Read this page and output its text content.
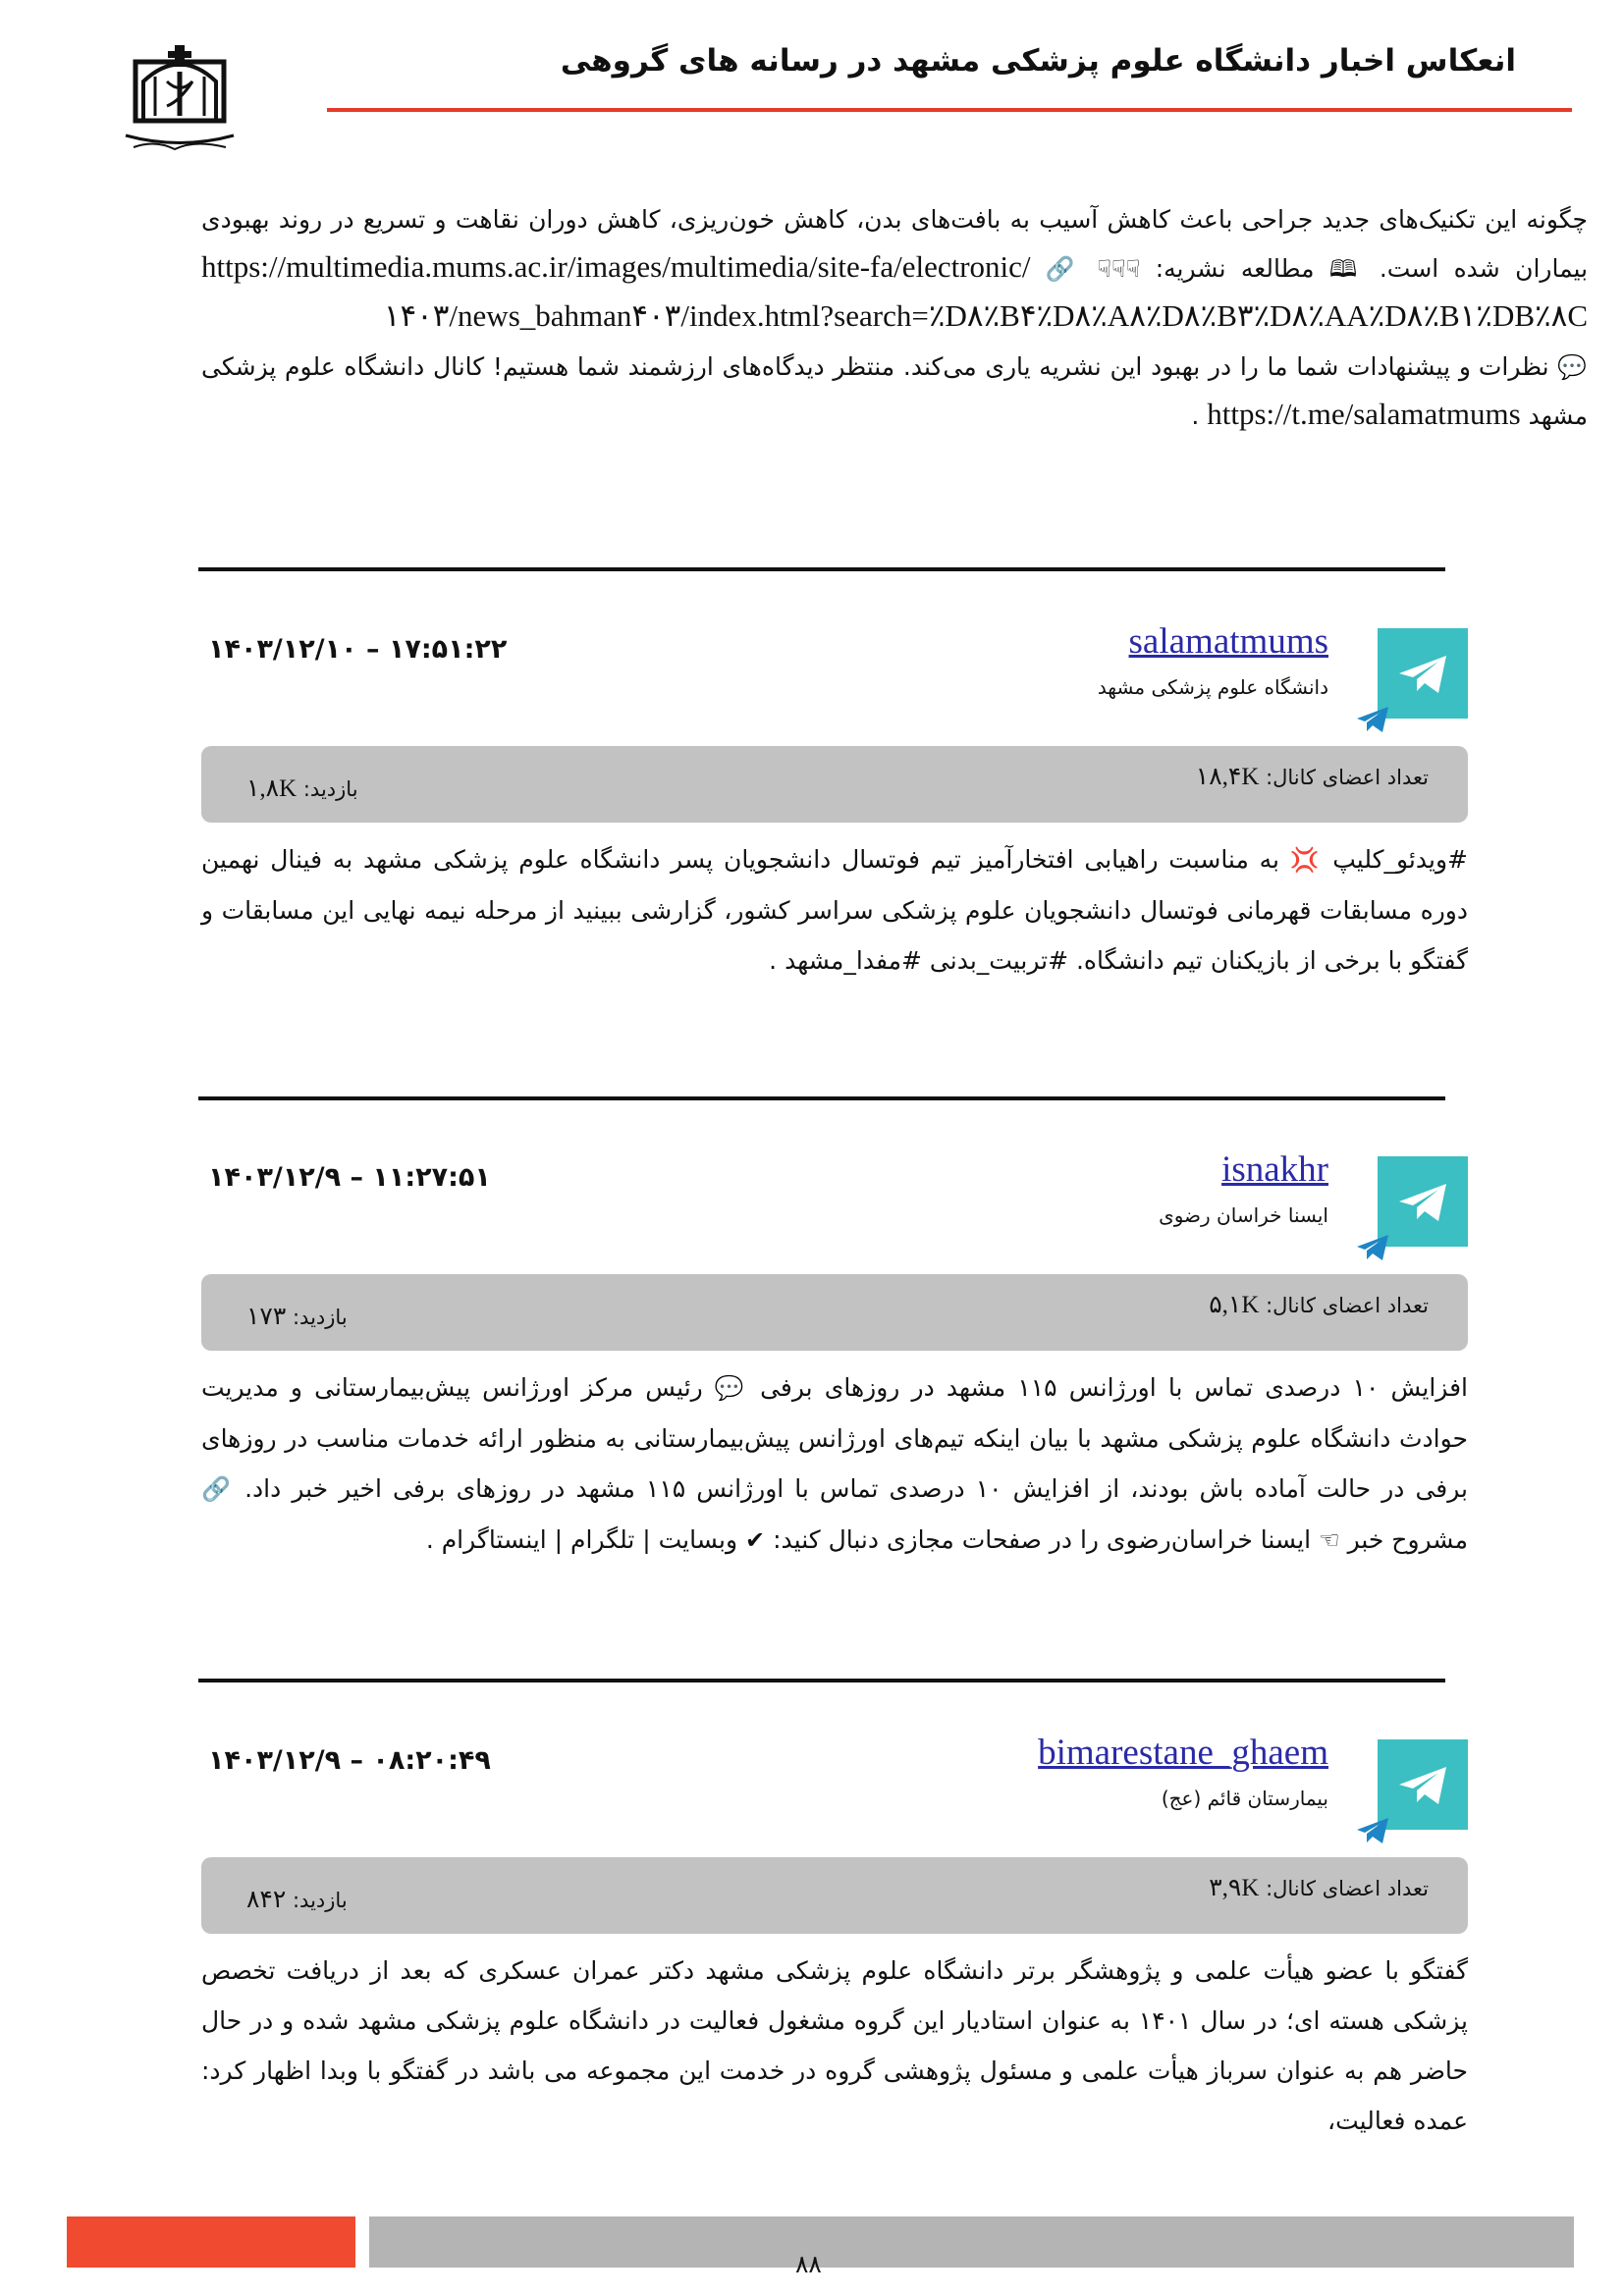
انعکاس اخبار دانشگاه علوم پزشکی مشهد در رسانه های گروهی

چگونه این تکنیک‌های جدید جراحی باعث کاهش آسیب به بافت‌های بدن، کاهش خون‌ریزی، کاهش دوران نقاهت و تسریع در روند بهبودی بیماران شده است. 🕮 مطالعه نشریه: ☟☟☟ 🔗 https://multimedia.mums.ac.ir/images/multimedia/site-fa/electronic/۱۴۰۳/news_bahman۴۰۳/index.html?search=٪D۸٪B۴٪D۸٪A۸٪D۸٪B۳٪D۸٪AA٪D۸٪B۱٪DB٪۸C

💬 نظرات و پیشنهادات شما ما را در بهبود این نشریه یاری می‌کند. منتظر دیدگاه‌های ارزشمند شما هستیم! کانال دانشگاه علوم پزشکی مشهد https://t.me/salamatmums .

salamatmums
دانشگاه علوم پزشکی مشهد
۱۴۰۳/۱۲/۱۰ – ۱۷:۵۱:۲۲
تعداد اعضای کانال: ۱۸,۴K
بازدید: ۱,۸K
#ویدئو_کلیپ 💢 به مناسبت راهیابی افتخارآمیز تیم فوتسال دانشجویان پسر دانشگاه علوم پزشکی مشهد به فینال نهمین دوره مسابقات قهرمانی فوتسال دانشجویان علوم پزشکی سراسر کشور، گزارشی ببینید از مرحله نیمه نهایی این مسابقات و گفتگو با برخی از بازیکنان تیم دانشگاه. #تربیت_بدنی #مفدا_مشهد .
isnakhr
ایسنا خراسان رضوی
۱۴۰۳/۱۲/۹ – ۱۱:۲۷:۵۱
تعداد اعضای کانال: ۵,۱K
بازدید: ۱۷۳
افزایش ۱۰ درصدی تماس با اورژانس ۱۱۵ مشهد در روزهای برفی 💬 رئیس مرکز اورژانس پیش‌بیمارستانی و مدیریت حوادث دانشگاه علوم پزشکی مشهد با بیان اینکه تیم‌های اورژانس پیش‌بیمارستانی به منظور ارائه خدمات مناسب در روزهای برفی در حالت آماده باش بودند، از افزایش ۱۰ درصدی تماس با اورژانس ۱۱۵ مشهد در روزهای برفی اخیر خبر داد. 🔗 مشروح خبر ☜ ایسنا خراسان‌رضوی را در صفحات مجازی دنبال کنید: ✔ وبسایت | تلگرام | اینستاگرام .
bimarestane_ghaem
بیمارستان قائم (عج)
۱۴۰۳/۱۲/۹ – ۰۸:۲۰:۴۹
تعداد اعضای کانال: ۳,۹K
بازدید: ۸۴۲
گفتگو با عضو هیأت علمی و پژوهشگر برتر دانشگاه علوم پزشکی مشهد دکتر عمران عسکری که بعد از دریافت تخصص پزشکی هسته ای؛ در سال ۱۴۰۱ به عنوان استادیار این گروه مشغول فعالیت در دانشگاه علوم پزشکی مشهد شده و در حال حاضر هم به عنوان سرباز هیأت علمی و مسئول پژوهشی گروه در خدمت این مجموعه می باشد در گفتگو با وبدا اظهار کرد: عمده فعالیت،
۸۸
